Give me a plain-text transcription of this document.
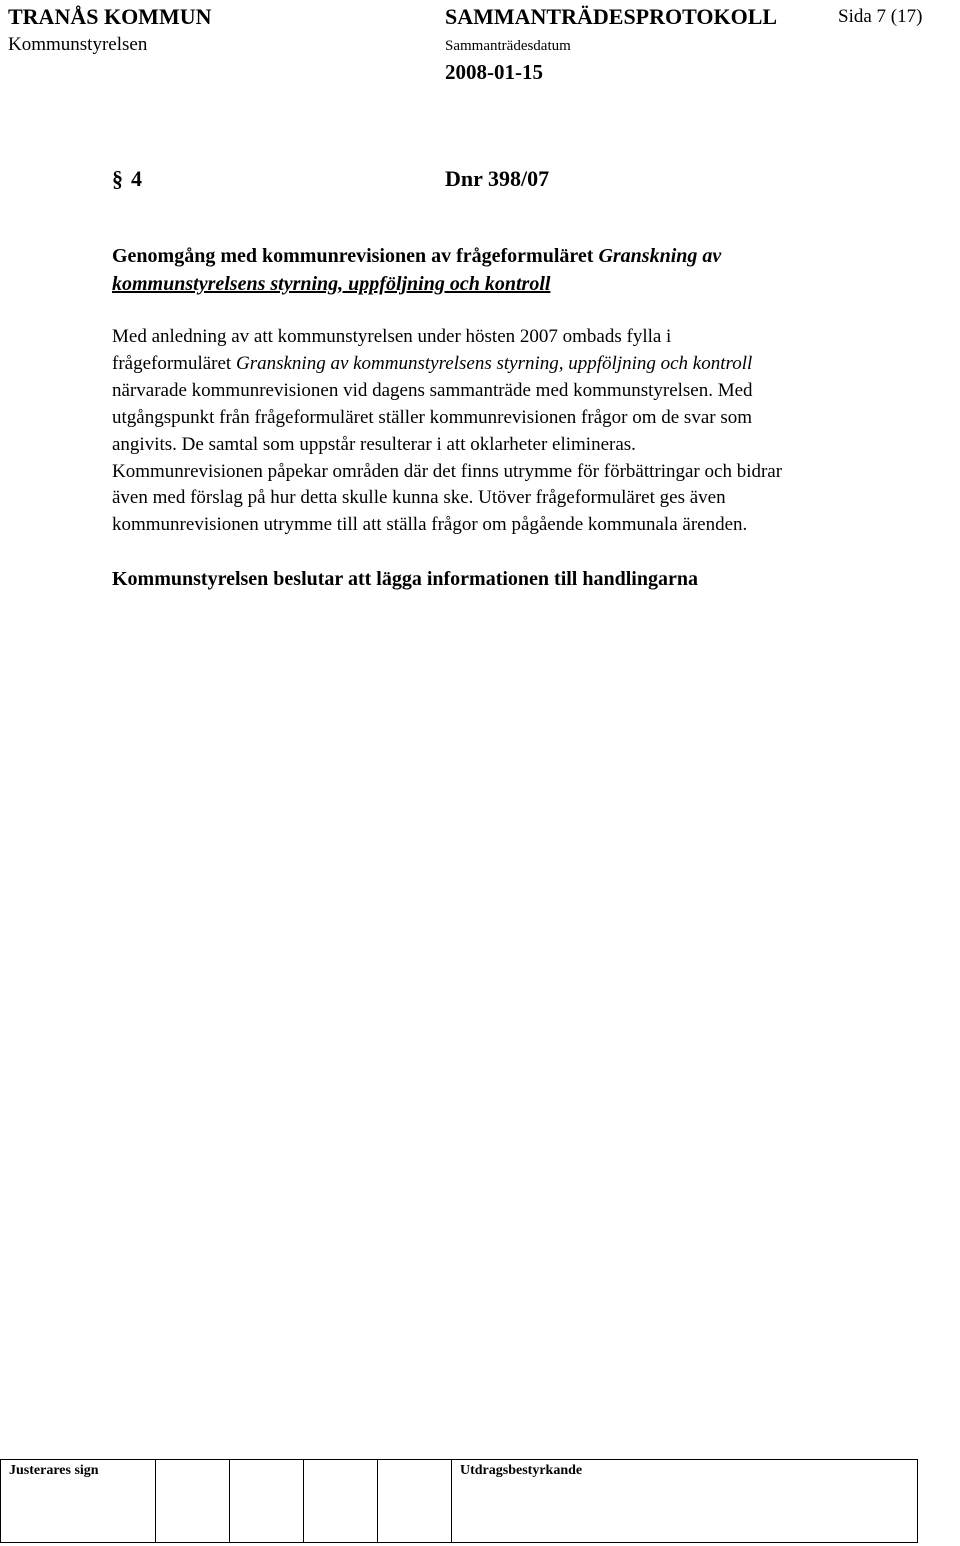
TRANÅS KOMMUN
Kommunstyrelsen
SAMMANTRÄDESPROTOKOLL
Sammanträdesdatum
2008-01-15
Sida 7 (17)
§ 4	Dnr 398/07
Genomgång med kommunrevisionen av frågeformuläret Granskning av
kommunstyrelsens styrning, uppföljning och kontroll
Med anledning av att kommunstyrelsen under hösten 2007 ombads fylla i
frågeformuläret Granskning av kommunstyrelsens styrning, uppföljning och kontroll
närvarade kommunrevisionen vid dagens sammanträde med kommunstyrelsen. Med
utgångspunkt från frågeformuläret ställer kommunrevisionen frågor om de svar som
angivits. De samtal som uppstår resulterar i att oklarheter elimineras.
Kommunrevisionen påpekar områden där det finns utrymme för förbättringar och bidrar
även med förslag på hur detta skulle kunna ske. Utöver frågeformuläret ges även
kommunrevisionen utrymme till att ställa frågor om pågående kommunala ärenden.
Kommunstyrelsen beslutar att lägga informationen till handlingarna
Justerares sign					Utdragsbestyrkande
